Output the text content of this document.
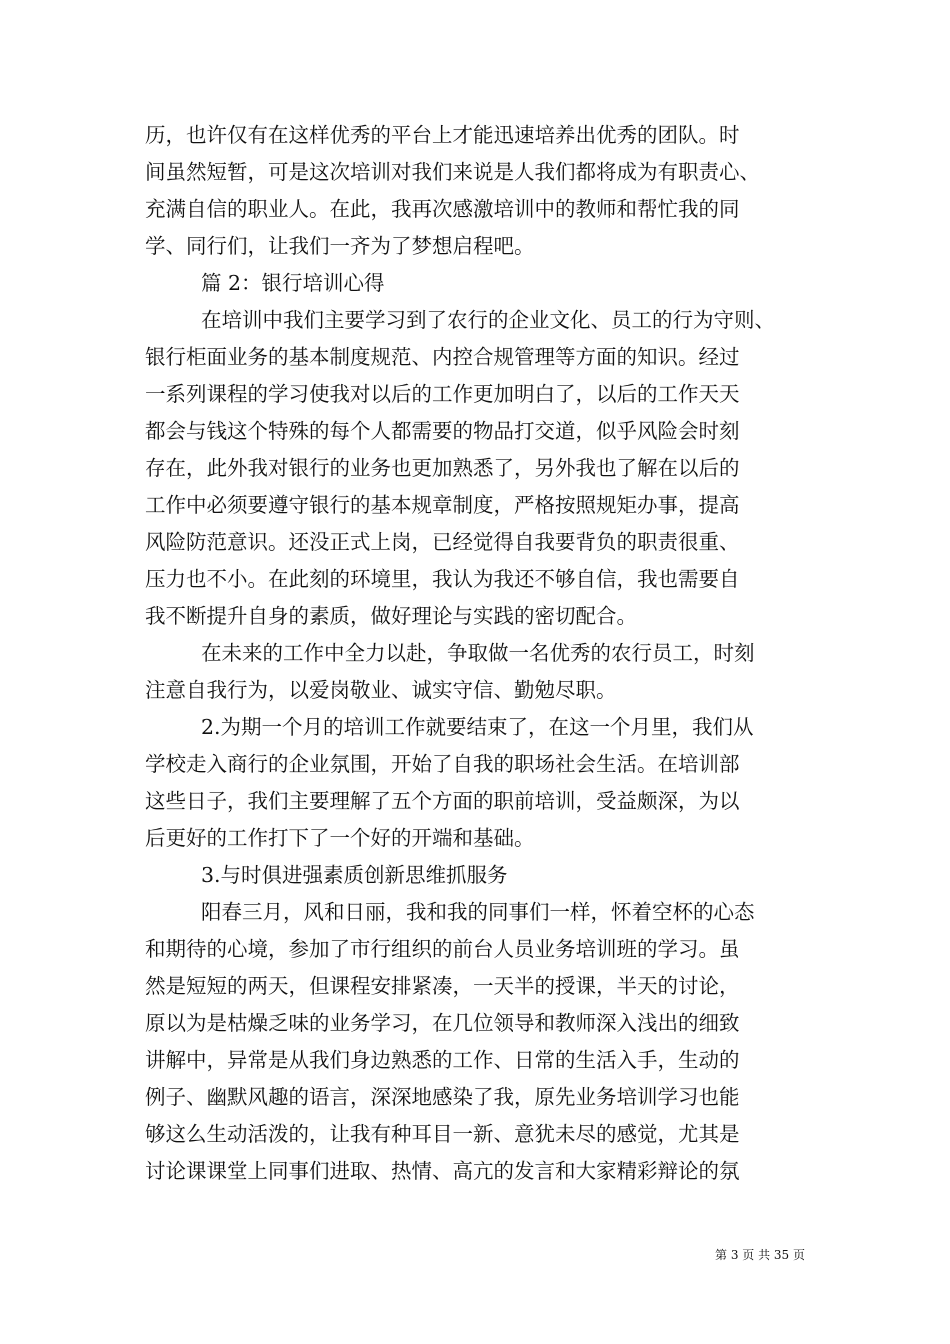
历，也许仅有在这样优秀的平台上才能迅速培养出优秀的团队。时
间虽然短暂，可是这次培训对我们来说是人我们都将成为有职责心、
充满自信的职业人。在此，我再次感激培训中的教师和帮忙我的同
学、同行们，让我们一齐为了梦想启程吧。
篇 2：银行培训心得
在培训中我们主要学习到了农行的企业文化、员工的行为守则、
银行柜面业务的基本制度规范、内控合规管理等方面的知识。经过
一系列课程的学习使我对以后的工作更加明白了，以后的工作天天
都会与钱这个特殊的每个人都需要的物品打交道，似乎风险会时刻
存在，此外我对银行的业务也更加熟悉了，另外我也了解在以后的
工作中必须要遵守银行的基本规章制度，严格按照规矩办事，提高
风险防范意识。还没正式上岗，已经觉得自我要背负的职责很重、
压力也不小。在此刻的环境里，我认为我还不够自信，我也需要自
我不断提升自身的素质，做好理论与实践的密切配合。
在未来的工作中全力以赴，争取做一名优秀的农行员工，时刻
注意自我行为，以爱岗敬业、诚实守信、勤勉尽职。
2.为期一个月的培训工作就要结束了，在这一个月里，我们从
学校走入商行的企业氛围，开始了自我的职场社会生活。在培训部
这些日子，我们主要理解了五个方面的职前培训，受益颇深，为以
后更好的工作打下了一个好的开端和基础。
3.与时俱进强素质创新思维抓服务
阳春三月，风和日丽，我和我的同事们一样，怀着空杯的心态
和期待的心境，参加了市行组织的前台人员业务培训班的学习。虽
然是短短的两天，但课程安排紧凑，一天半的授课，半天的讨论，
原以为是枯燥乏味的业务学习，在几位领导和教师深入浅出的细致
讲解中，异常是从我们身边熟悉的工作、日常的生活入手，生动的
例子、幽默风趣的语言，深深地感染了我，原先业务培训学习也能
够这么生动活泼的，让我有种耳目一新、意犹未尽的感觉，尤其是
讨论课课堂上同事们进取、热情、高亢的发言和大家精彩辩论的氛
第 3 页 共 35 页
